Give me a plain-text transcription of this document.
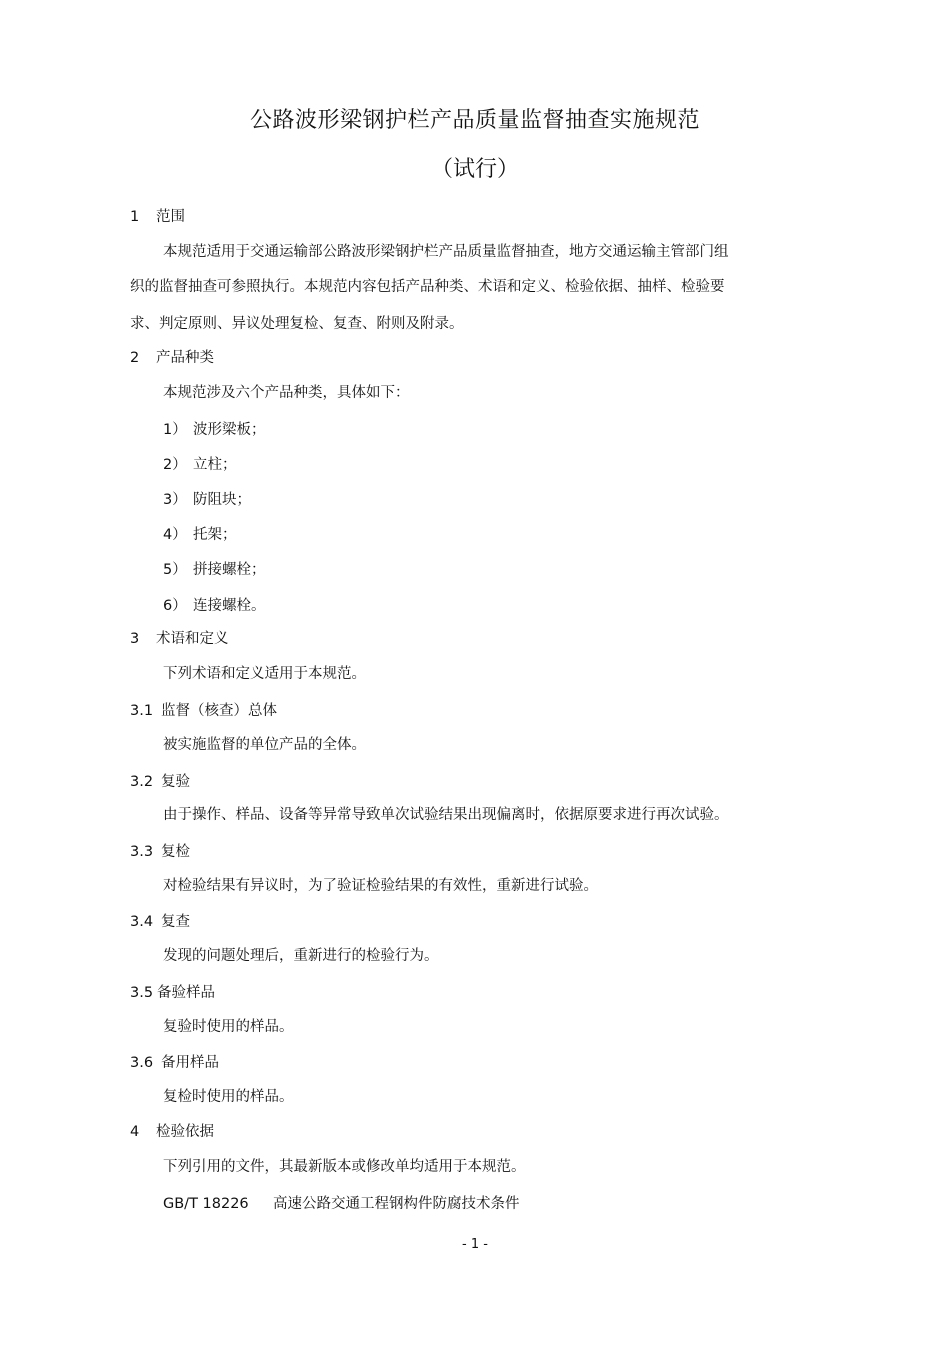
公路波形梁钢护栏产品质量监督抽查实施规范
（试行）
1 范围
本规范适用于交通运输部公路波形梁钢护栏产品质量监督抽查，地方交通运输主管部门组
织的监督抽查可参照执行。本规范内容包括产品种类、术语和定义、检验依据、抽样、检验要
求、判定原则、异议处理复检、复查、附则及附录。
2 产品种类
本规范涉及六个产品种类，具体如下：
1） 波形梁板；
2） 立柱；
3） 防阻块；
4） 托架；
5） 拼接螺栓；
6） 连接螺栓。
3 术语和定义
下列术语和定义适用于本规范。
3.1 监督（核查）总体
被实施监督的单位产品的全体。
3.2 复验
由于操作、样品、设备等异常导致单次试验结果出现偏离时，依据原要求进行再次试验。
3.3 复检
对检验结果有异议时，为了验证检验结果的有效性，重新进行试验。
3.4 复查
发现的问题处理后，重新进行的检验行为。
3.5 备验样品
复验时使用的样品。
3.6 备用样品
复检时使用的样品。
4 检验依据
下列引用的文件，其最新版本或修改单均适用于本规范。
GB/T 18226 高速公路交通工程钢构件防腐技术条件
- 1 -
